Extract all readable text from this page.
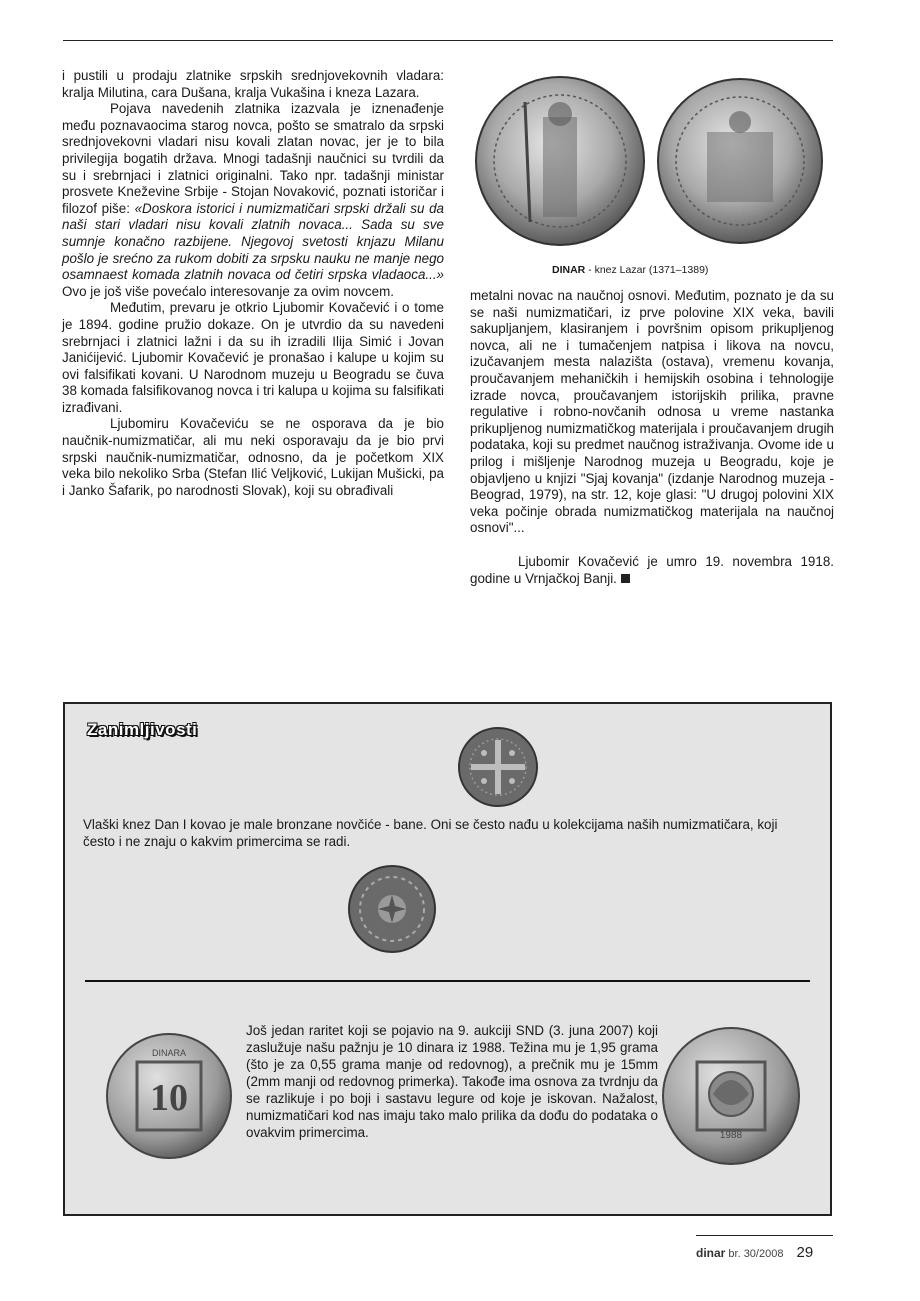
i pustili u prodaju zlatnike srpskih srednjovekovnih vladara: kralja Milutina, cara Dušana, kralja Vukašina i kneza Lazara.

Pojava navedenih zlatnika izazvala je iznenađenje među poznavaocima starog novca, pošto se smatralo da srpski srednjovekovni vladari nisu kovali zlatan novac, jer je to bila privilegija bogatih država. Mnogi tadašnji naučnici su tvrdili da su i srebrnjaci i zlatnici originalni. Tako npr. tadašnji ministar prosvete Kneževine Srbije - Stojan Novaković, poznati istoričar i filozof piše: «Doskora istorici i numizmatičari srpski držali su da naši stari vladari nisu kovali zlatnih novaca... Sada su sve sumnje konačno razbijene. Njegovoj svetosti knjazu Milanu pošlo je srećno za rukom dobiti za srpsku nauku ne manje nego osamnaest komada zlatnih novaca od četiri srpska vladaoca...» Ovo je još više povećalo interesovanje za ovim novcem.

Međutim, prevaru je otkrio Ljubomir Kovačević i o tome je 1894. godine pružio dokaze. On je utvrdio da su navedeni srebrnjaci i zlatnici lažni i da su ih izradili Ilija Simić i Jovan Janićijević. Ljubomir Kovačević je pronašao i kalupe u kojim su ovi falsifikati kovani. U Narodnom muzeju u Beogradu se čuva 38 komada falsifikovanog novca i tri kalupa u kojima su falsifikati izrađivani.

Ljubomiru Kovačeviću se ne osporava da je bio naučnik-numizmatičar, ali mu neki osporavaju da je bio prvi srpski naučnik-numizmatičar, odnosno, da je početkom XIX veka bilo nekoliko Srba (Stefan Ilić Veljković, Lukijan Mušicki, pa i Janko Šafarik, po narodnosti Slovak), koji su obrađivali

DINAR - knez Lazar (1371–1389)

metalni novac na naučnoj osnovi. Međutim, poznato je da su se naši numizmatičari, iz prve polovine XIX veka, bavili sakupljanjem, klasiranjem i površnim opisom prikupljenog novca, ali ne i tumačenjem natpisa i likova na novcu, izučavanjem mesta nalazišta (ostava), vremenu kovanja, proučavanjem mehaničkih i hemijskih osobina i tehnologije izrade novca, proučavanjem istorijskih prilika, pravne regulative i robno-novčanih odnosa u vreme nastanka prikupljenog numizmatičkog materijala i proučavanjem drugih podataka, koji su predmet naučnog istraživanja. Ovome ide u prilog i mišljenje Narodnog muzeja u Beogradu, koje je objavljeno u knjizi "Sjaj kovanja" (izdanje Narodnog muzeja - Beograd, 1979), na str. 12, koje glasi: "U drugoj polovini XIX veka počinje obrada numizmatičkog materijala na naučnoj osnovi"...

Ljubomir Kovačević je umro 19. novembra 1918. godine u Vrnjačkoj Banji.

Zanimljivosti
Vlaški knez Dan I kovao je male bronzane novčiće - bane. Oni se često nađu u kolekcijama naših numizmatičara, koji često i ne znaju o kakvim primercima se radi.
10
DINARA
Još jedan raritet koji se pojavio na 9. aukciji SND (3. juna 2007) koji zaslužuje našu pažnju je 10 dinara iz 1988. Težina mu je 1,95 grama (što je za 0,55 grama manje od redovnog), a prečnik mu je 15mm (2mm manji od redovnog primerka). Takođe ima osnova za tvrdnju da se razlikuje i po boji i sastavu legure od koje je iskovan. Nažalost, numizmatičari kod nas imaju tako malo prilika da dođu do podataka o ovakvim primercima.	1988
dinar br. 30/2008 29
